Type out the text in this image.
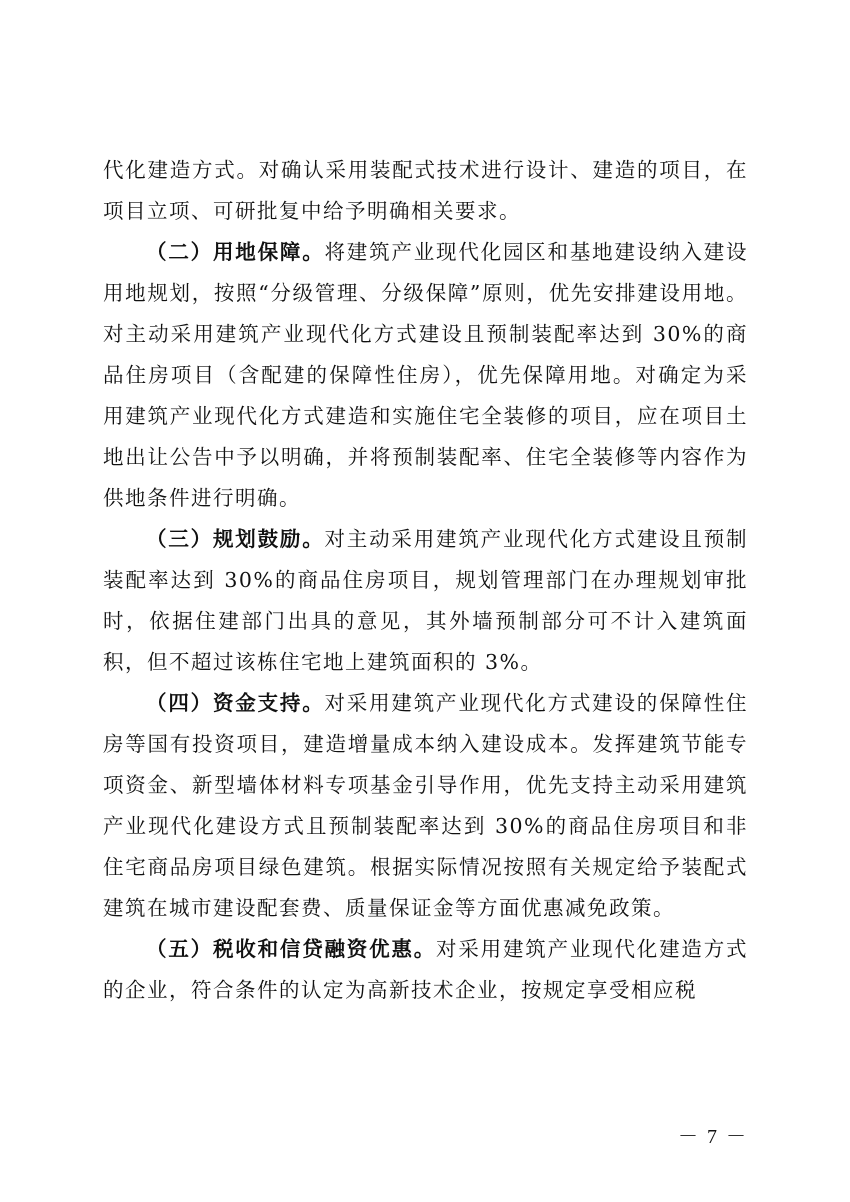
代化建造方式。对确认采用装配式技术进行设计、建造的项目，在项目立项、可研批复中给予明确相关要求。

（二）用地保障。将建筑产业现代化园区和基地建设纳入建设用地规划，按照“分级管理、分级保障”原则，优先安排建设用地。对主动采用建筑产业现代化方式建设且预制装配率达到 30%的商品住房项目（含配建的保障性住房），优先保障用地。对确定为采用建筑产业现代化方式建造和实施住宅全装修的项目，应在项目土地出让公告中予以明确，并将预制装配率、住宅全装修等内容作为供地条件进行明确。

（三）规划鼓励。对主动采用建筑产业现代化方式建设且预制装配率达到 30%的商品住房项目，规划管理部门在办理规划审批时，依据住建部门出具的意见，其外墙预制部分可不计入建筑面积，但不超过该栋住宅地上建筑面积的 3%。

（四）资金支持。对采用建筑产业现代化方式建设的保障性住房等国有投资项目，建造增量成本纳入建设成本。发挥建筑节能专项资金、新型墙体材料专项基金引导作用，优先支持主动采用建筑产业现代化建设方式且预制装配率达到 30%的商品住房项目和非住宅商品房项目绿色建筑。根据实际情况按照有关规定给予装配式建筑在城市建设配套费、质量保证金等方面优惠减免政策。

（五）税收和信贷融资优惠。对采用建筑产业现代化建造方式的企业，符合条件的认定为高新技术企业，按规定享受相应税

－ 7 －
